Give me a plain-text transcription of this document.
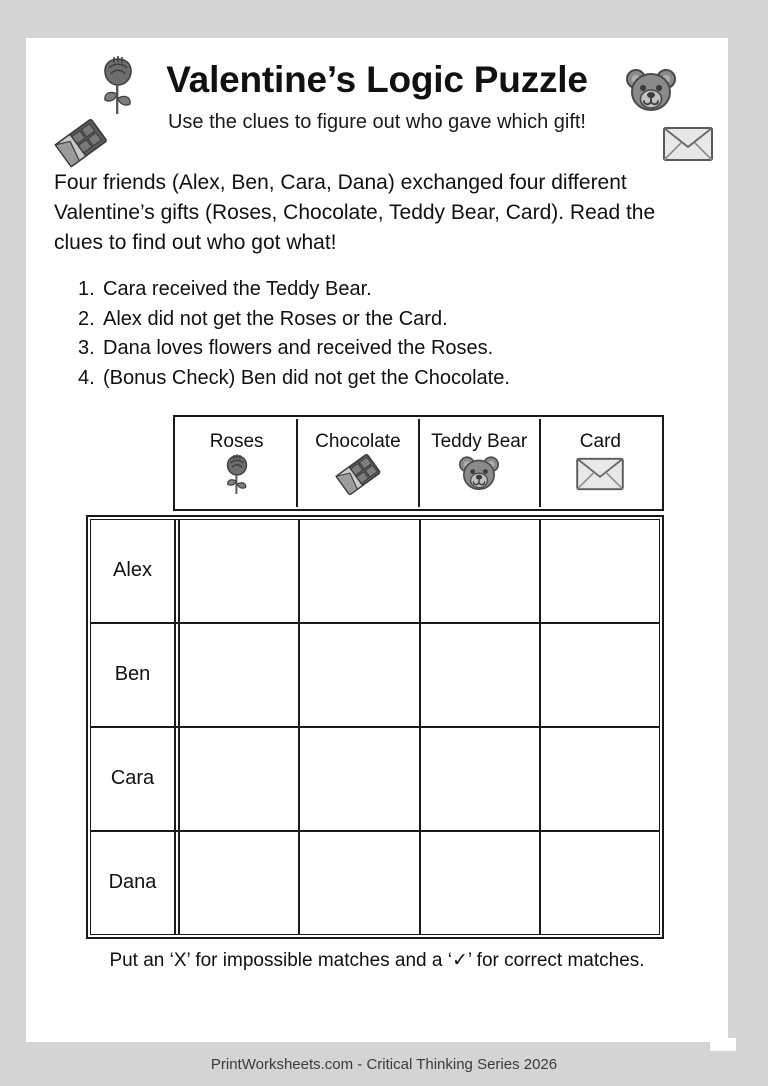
Valentine’s Logic Puzzle

Use the clues to figure out who gave which gift!

Four friends (Alex, Ben, Cara, Dana) exchanged four different Valentine’s gifts (Roses, Chocolate, Teddy Bear, Card). Read the clues to find out who got what!

Cara received the Teddy Bear.
Alex did not get the Roses or the Card.
Dana loves flowers and received the Roses.
(Bonus Check) Ben did not get the Chocolate.
Roses	Chocolate Teddy Bear	Card
Alex
Ben
Cara
Dana

Put an ‘X’ for impossible matches and a ‘✓’ for correct matches.

PrintWorksheets.com - Critical Thinking Series 2026
